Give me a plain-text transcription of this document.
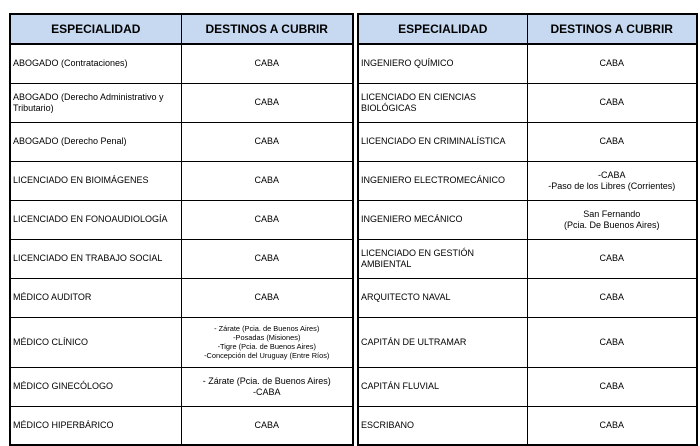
ESPECIALIDAD	DESTINOS A CUBRIR
ABOGADO (Contrataciones)	CABA

ABOGADO (Derecho Administrativo y Tributario)	CABA

ABOGADO (Derecho Penal)	CABA

LICENCIADO EN BIOIMÁGENES	CABA

LICENCIADO EN FONOAUDIOLOGÍA	CABA

LICENCIADO EN TRABAJO SOCIAL	CABA

MÉDICO AUDITOR	CABA

MÉDICO CLÍNICO	- Zárate (Pcia. de Buenos Aires)
-Posadas (Misiones)
-Tigre (Pcia. de Buenos Aires)
-Concepción del Uruguay (Entre Ríos)

MÉDICO GINECÓLOGO	- Zárate (Pcia. de Buenos Aires)
-CABA

MÉDICO HIPERBÁRICO	CABA
ESPECIALIDAD	DESTINOS A CUBRIR
INGENIERO QUÍMICO	CABA

LICENCIADO EN CIENCIAS BIOLÓGICAS	CABA

LICENCIADO EN CRIMINALÍSTICA	CABA

INGENIERO ELECTROMECÁNICO	-CABA
-Paso de los Libres (Corrientes)

INGENIERO MECÁNICO	San Fernando
(Pcia. De Buenos Aires)

LICENCIADO EN GESTIÓN AMBIENTAL	CABA

ARQUITECTO NAVAL	CABA

CAPITÁN DE ULTRAMAR	CABA

CAPITÁN FLUVIAL	CABA

ESCRIBANO	CABA
